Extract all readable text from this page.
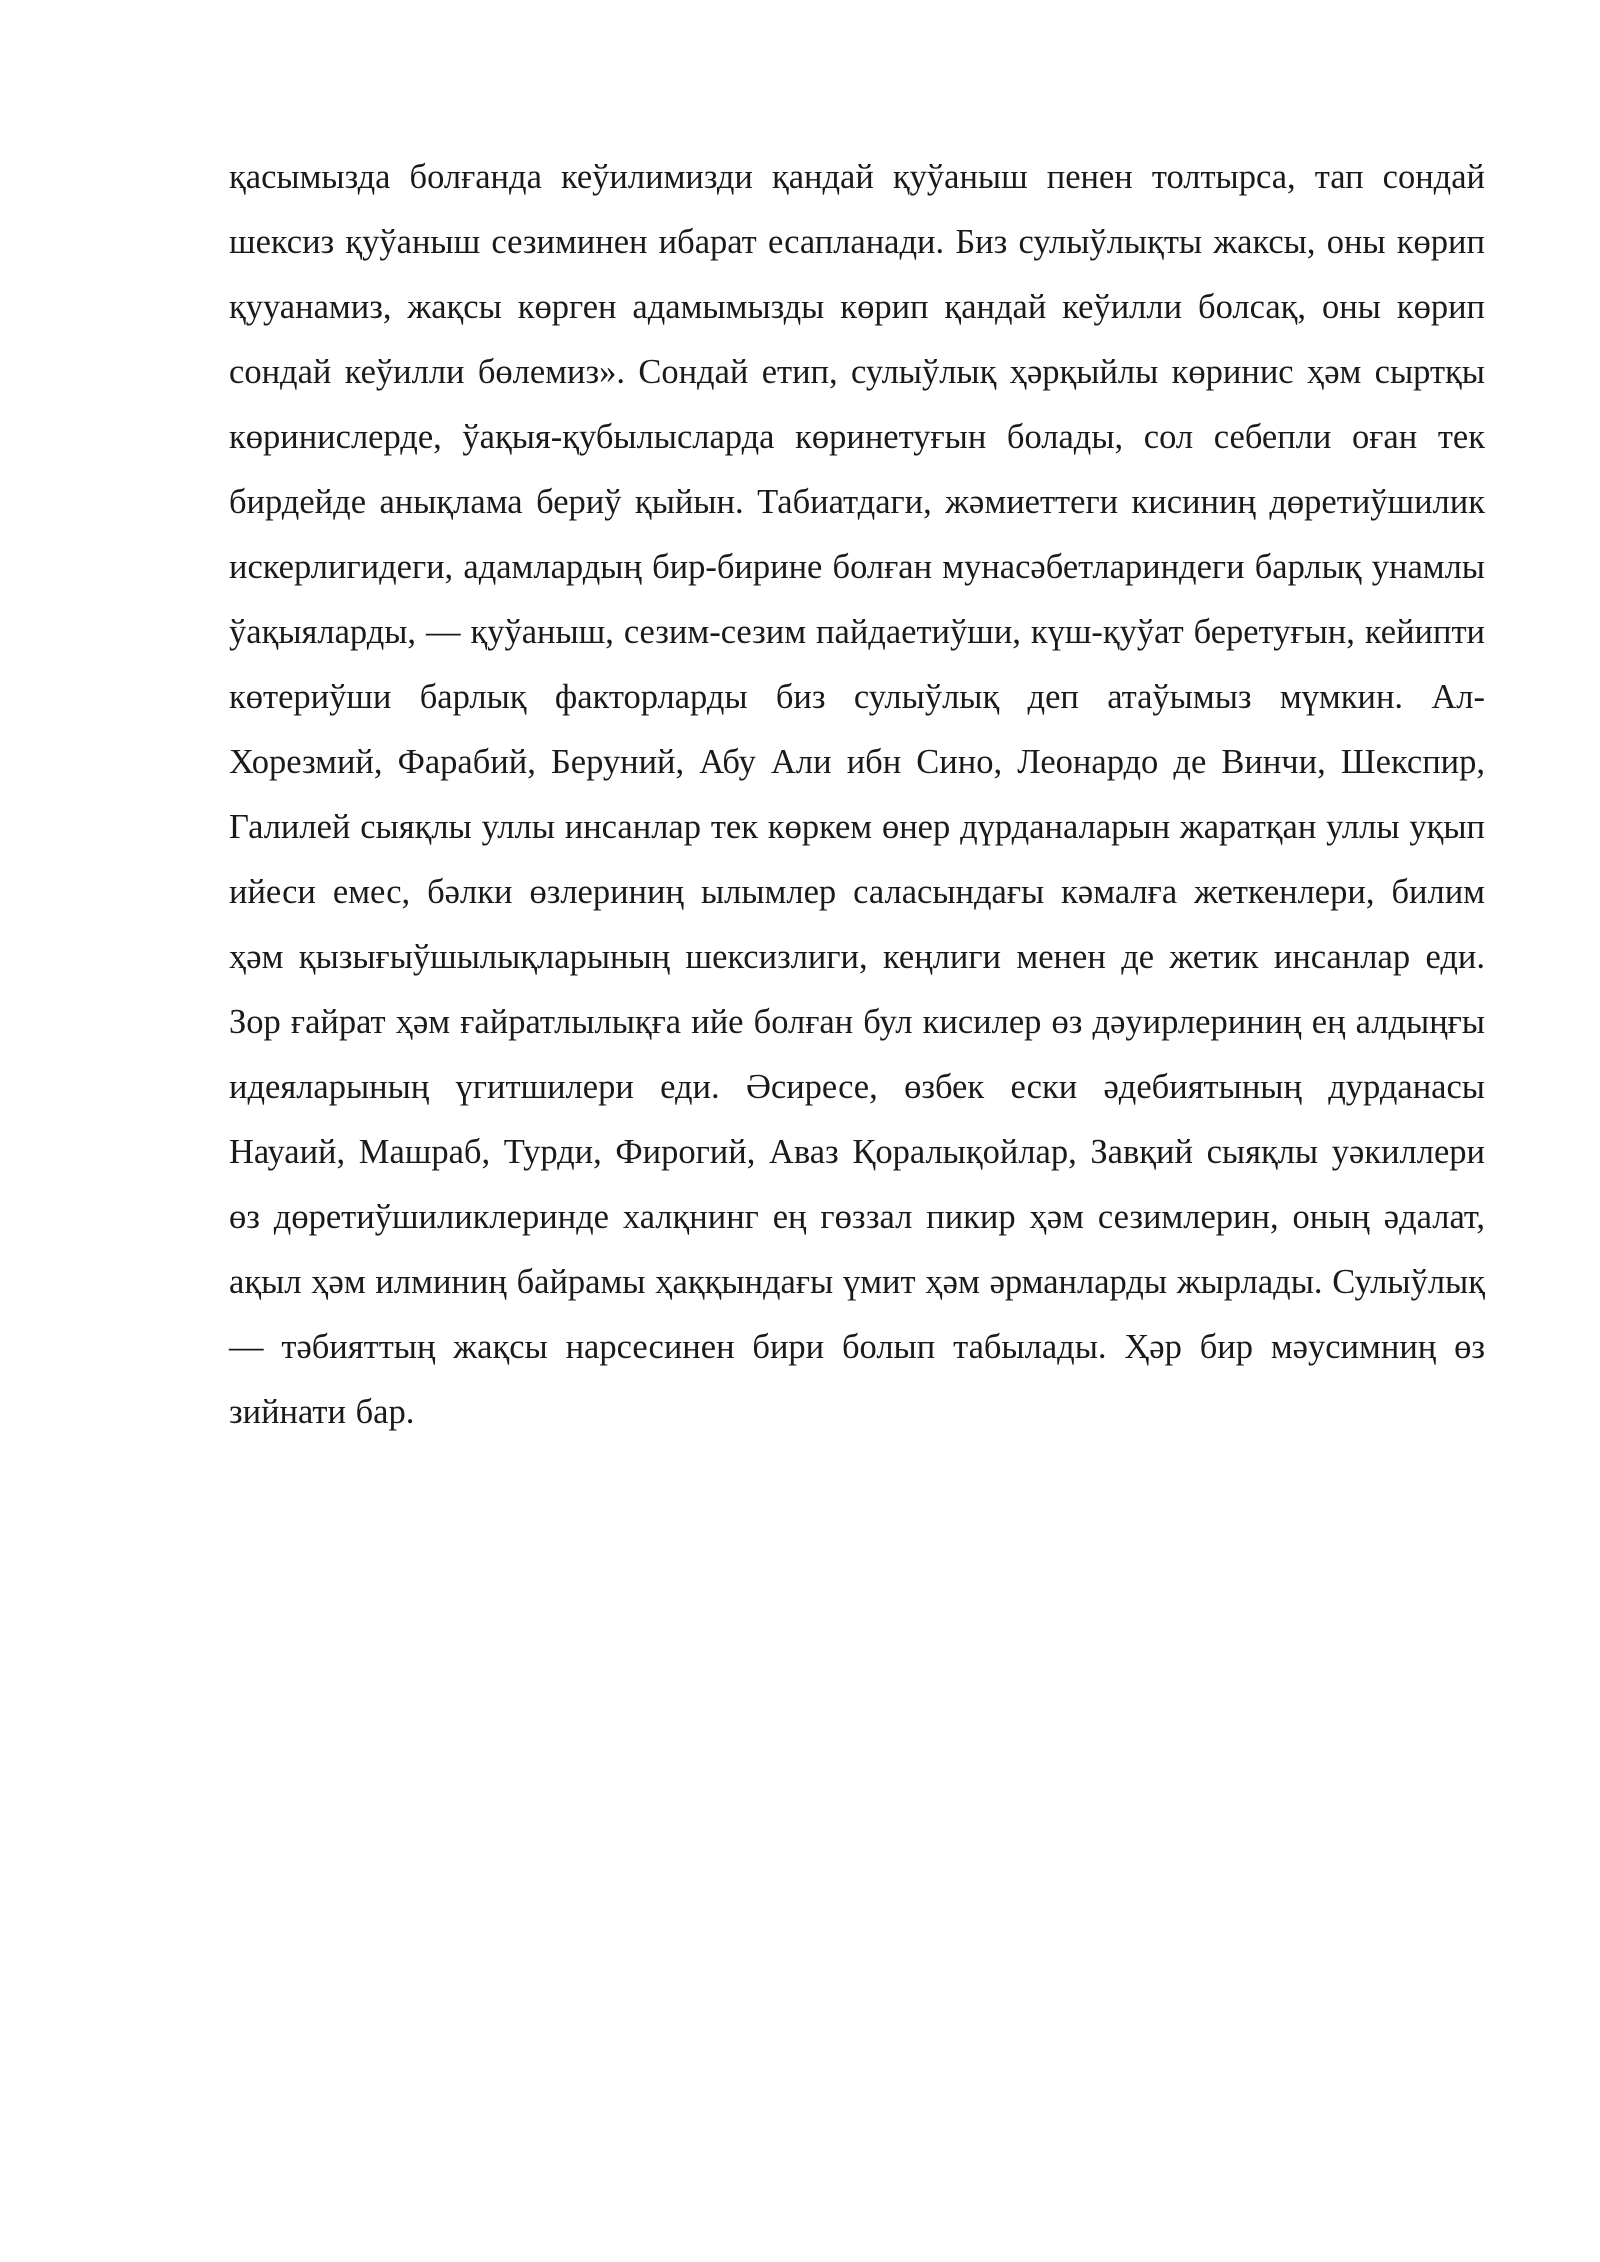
қасымызда болғанда кеўилимизди қандай қуўаныш пенен толтырса, тап сондай шексиз қуўаныш сезиминен ибарат есапланади. Биз сулыўлықты жаксы, оны көрип қууанамиз, жақсы көрген адамымызды көрип қандай кеўилли болсақ, оны көрип сондай кеўилли бөлемиз». Сондай етип, сулыўлық ҳәрқыйлы көринис ҳәм сыртқы көринислерде, ўақыя-қубылысларда көринетуғын болады, сол себепли оған тек бирдейде анықлама бериў қыйын. Табиатдаги, жәмиеттеги кисиниң дөретиўшилик искерлигидеги, адамлардың бир-бирине болған мунасәбетлариндеги барлық унамлы ўақыяларды, — қуўаныш, сезим-сезим пайдаетиўши, күш-қуўат беретуғын, кейипти көтериўши барлық факторларды биз сулыўлық деп атаўымыз мүмкин. Ал-Хорезмий, Фарабий, Беруний, Абу Али ибн Сино, Леонардо де Винчи, Шекспир, Галилей сыяқлы уллы инсанлар тек көркем өнер дүрданаларын жаратқан уллы уқып ийеси емес, бәлки өзлериниң ылымлер саласындағы кәмалға жеткенлери, билим ҳәм қызығыўшылықларының шексизлиги, кеңлиги менен де жетик инсанлар еди. Зор ғайрат ҳәм ғайратлылықға ийе болған бул кисилер өз дәуирлериниң ең алдыңғы идеяларының үгитшилери еди. Әсиресе, өзбек ески әдебиятының дурданасы Науаий, Машраб, Турди, Фирогий, Аваз Қоралықойлар, Завқий сыяқлы уәкиллери өз дөретиўшиликлеринде халқнинг ең гөззал пикир ҳәм сезимлерин, оның әдалат, ақыл ҳәм илминиң байрамы ҳаққындағы үмит ҳәм әрманларды жырлады. Сулыўлық — тәбияттың жақсы нарсесинен бири болып табылады. Ҳәр бир мәусимниң өз зийнати бар.
